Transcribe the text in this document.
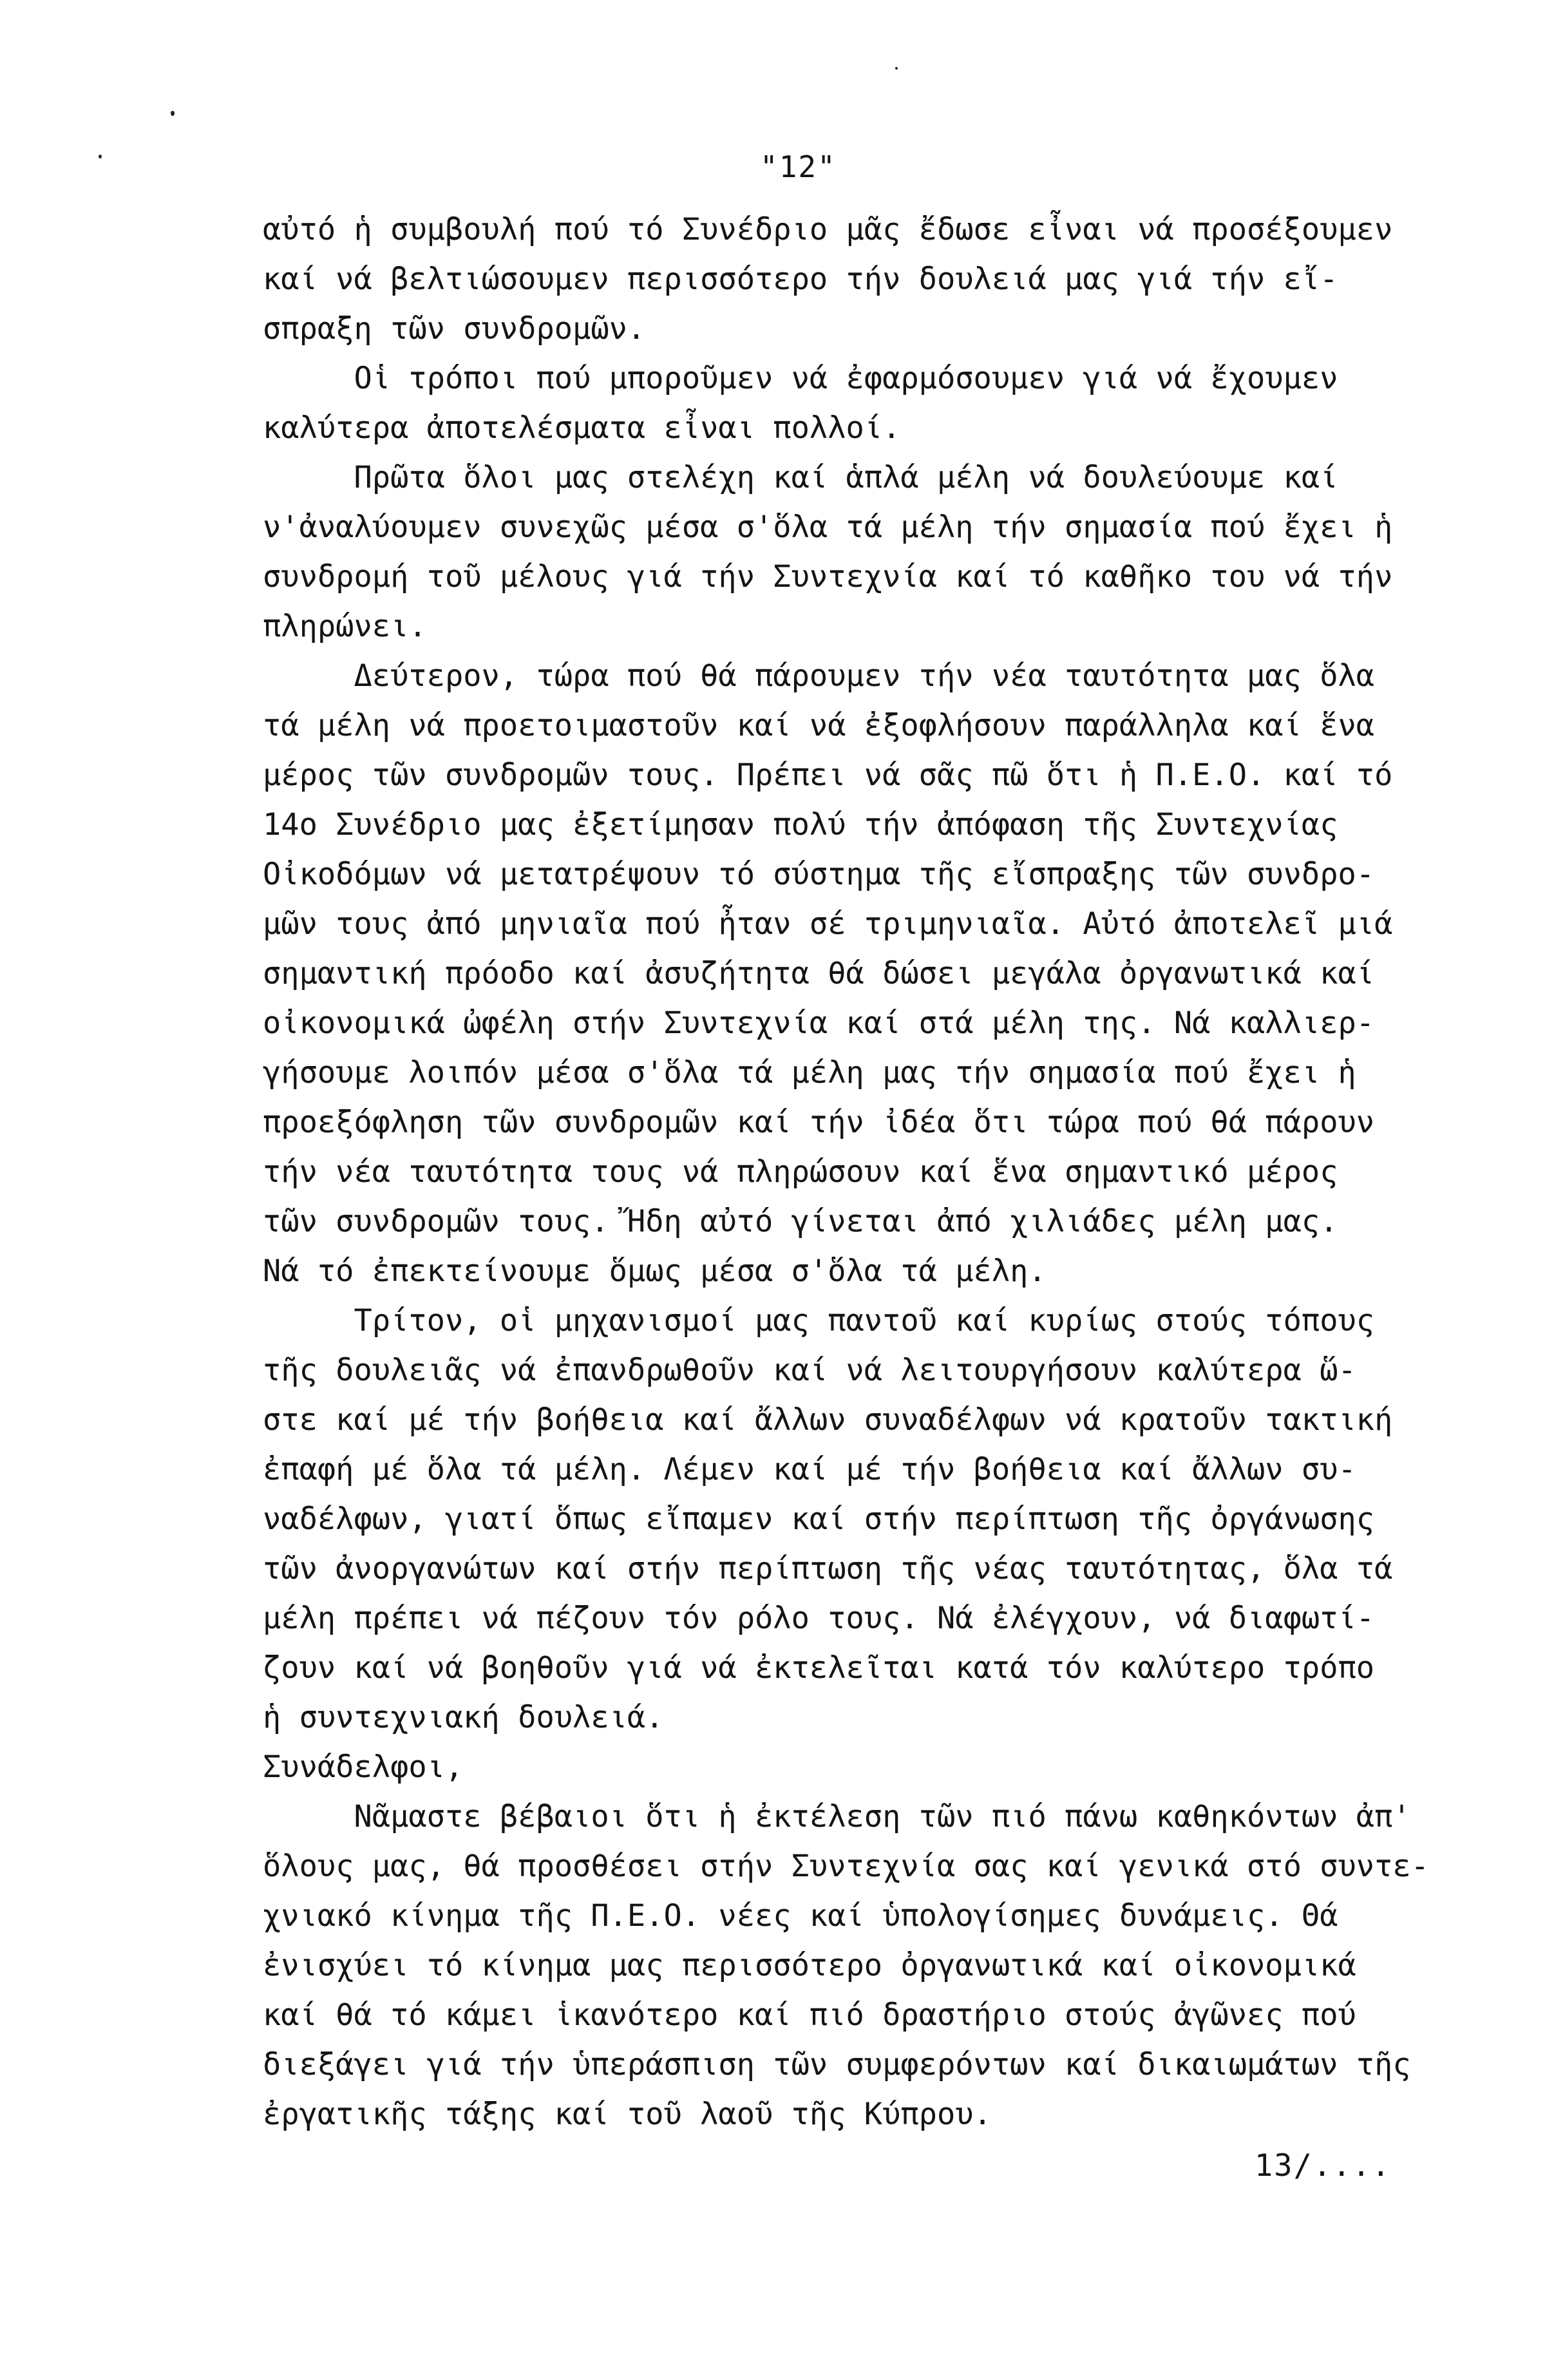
"12"
αὐτό ἡ συμβουλή πού τό Συνέδριο μᾶς ἔδωσε εἶναι νά προσέξουμεν
καί νά βελτιώσουμεν περισσότερο τήν δουλειά μας γιά τήν εἴ-
σπραξη τῶν συνδρομῶν.
Οἱ τρόποι πού μποροῦμεν νά ἐφαρμόσουμεν γιά νά ἔχουμεν
καλύτερα ἀποτελέσματα εἶναι πολλοί.
Πρῶτα ὅλοι μας στελέχη καί ἁπλά μέλη νά δουλεύουμε καί
ν'ἀναλύουμεν συνεχῶς μέσα σ'ὅλα τά μέλη τήν σημασία πού ἔχει ἡ
συνδρομή τοῦ μέλους γιά τήν Συντεχνία καί τό καθῆκο του νά τήν
πληρώνει.
Δεύτερον, τώρα πού θά πάρουμεν τήν νέα ταυτότητα μας ὅλα
τά μέλη νά προετοιμαστοῦν καί νά ἐξοφλήσουν παράλληλα καί ἕνα
μέρος τῶν συνδρομῶν τους. Πρέπει νά σᾶς πῶ ὅτι ἡ Π.Ε.Ο. καί τό
14ο Συνέδριο μας ἐξετίμησαν πολύ τήν ἀπόφαση τῆς Συντεχνίας
Οἰκοδόμων νά μετατρέψουν τό σύστημα τῆς εἴσπραξης τῶν συνδρο-
μῶν τους ἀπό μηνιαῖα πού ἦταν σέ τριμηνιαῖα. Αὐτό ἀποτελεῖ μιά
σημαντική πρόοδο καί ἀσυζήτητα θά δώσει μεγάλα ὀργανωτικά καί
οἰκονομικά ὠφέλη στήν Συντεχνία καί στά μέλη της. Νά καλλιερ-
γήσουμε λοιπόν μέσα σ'ὅλα τά μέλη μας τήν σημασία πού ἔχει ἡ
προεξόφληση τῶν συνδρομῶν καί τήν ἰδέα ὅτι τώρα πού θά πάρουν
τήν νέα ταυτότητα τους νά πληρώσουν καί ἕνα σημαντικό μέρος
τῶν συνδρομῶν τους. Ἤδη αὐτό γίνεται ἀπό χιλιάδες μέλη μας.
Νά τό ἐπεκτείνουμε ὅμως μέσα σ'ὅλα τά μέλη.
Τρίτον, οἱ μηχανισμοί μας παντοῦ καί κυρίως στούς τόπους
τῆς δουλειᾶς νά ἐπανδρωθοῦν καί νά λειτουργήσουν καλύτερα ὥ-
στε καί μέ τήν βοήθεια καί ἄλλων συναδέλφων νά κρατοῦν τακτική
ἐπαφή μέ ὅλα τά μέλη. Λέμεν καί μέ τήν βοήθεια καί ἄλλων συ-
ναδέλφων, γιατί ὅπως εἴπαμεν καί στήν περίπτωση τῆς ὀργάνωσης
τῶν ἀνοργανώτων καί στήν περίπτωση τῆς νέας ταυτότητας, ὅλα τά
μέλη πρέπει νά πέζουν τόν ρόλο τους. Νά ἐλέγχουν, νά διαφωτί-
ζουν καί νά βοηθοῦν γιά νά ἐκτελεῖται κατά τόν καλύτερο τρόπο
ἡ συντεχνιακή δουλειά.
Συνάδελφοι,
Νᾶμαστε βέβαιοι ὅτι ἡ ἐκτέλεση τῶν πιό πάνω καθηκόντων ἀπ'
ὅλους μας, θά προσθέσει στήν Συντεχνία σας καί γενικά στό συντε-
χνιακό κίνημα τῆς Π.Ε.Ο. νέες καί ὑπολογίσημες δυνάμεις. Θά
ἐνισχύει τό κίνημα μας περισσότερο ὀργανωτικά καί οἰκονομικά
καί θά τό κάμει ἱκανότερο καί πιό δραστήριο στούς ἀγῶνες πού
διεξάγει γιά τήν ὑπεράσπιση τῶν συμφερόντων καί δικαιωμάτων τῆς
ἐργατικῆς τάξης καί τοῦ λαοῦ τῆς Κύπρου.
13/....
